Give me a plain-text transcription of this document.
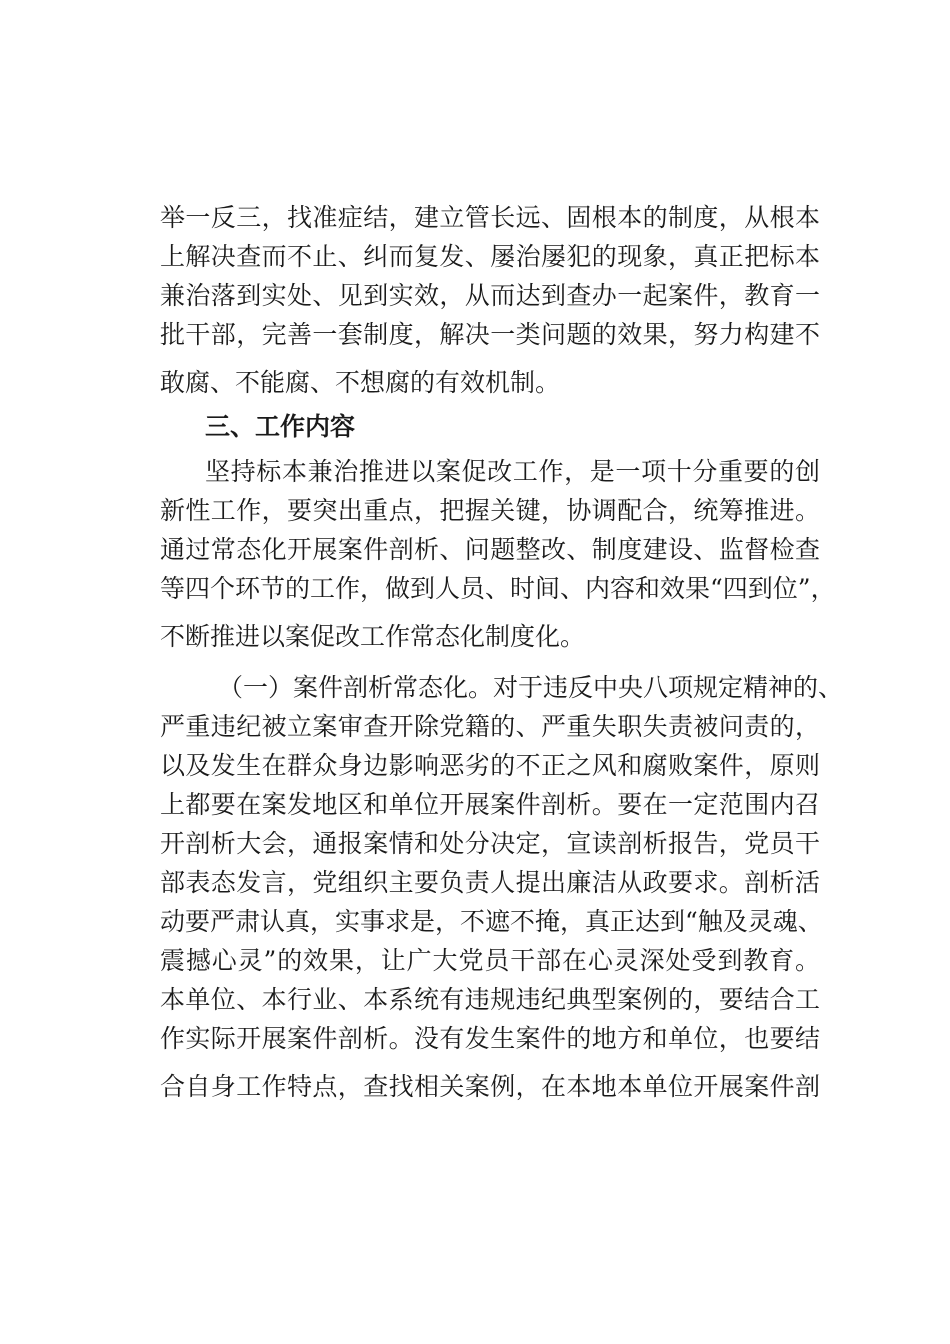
举一反三，找准症结，建立管长远、固根本的制度，从根本
上解决查而不止、纠而复发、屡治屡犯的现象，真正把标本
兼治落到实处、见到实效，从而达到查办一起案件，教育一
批干部，完善一套制度，解决一类问题的效果，努力构建不
敢腐、不能腐、不想腐的有效机制。
三、工作内容
坚持标本兼治推进以案促改工作，是一项十分重要的创
新性工作，要突出重点，把握关键，协调配合，统筹推进。
通过常态化开展案件剖析、问题整改、制度建设、监督检查
等四个环节的工作，做到人员、时间、内容和效果“四到位”，
不断推进以案促改工作常态化制度化。
（一）案件剖析常态化。对于违反中央八项规定精神的、
严重违纪被立案审查开除党籍的、严重失职失责被问责的，
以及发生在群众身边影响恶劣的不正之风和腐败案件，原则
上都要在案发地区和单位开展案件剖析。要在一定范围内召
开剖析大会，通报案情和处分决定，宣读剖析报告，党员干
部表态发言，党组织主要负责人提出廉洁从政要求。剖析活
动要严肃认真，实事求是，不遮不掩，真正达到“触及灵魂、
震撼心灵”的效果，让广大党员干部在心灵深处受到教育。
本单位、本行业、本系统有违规违纪典型案例的，要结合工
作实际开展案件剖析。没有发生案件的地方和单位，也要结
合自身工作特点，查找相关案例，在本地本单位开展案件剖
